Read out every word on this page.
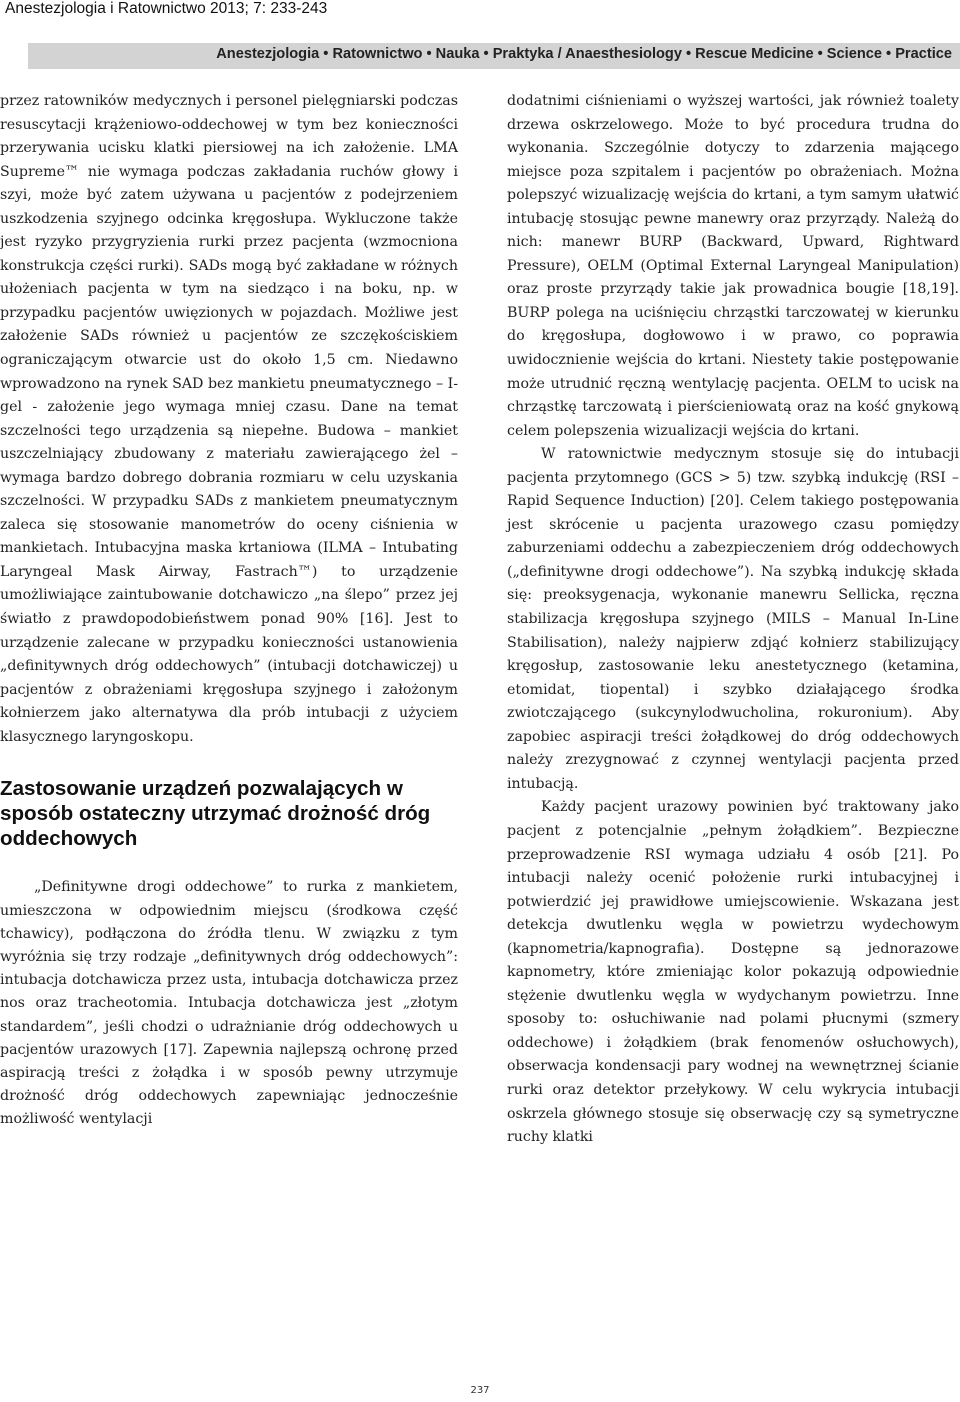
Anestezjologia i Ratownictwo 2013; 7: 233-243
Anestezjologia • Ratownictwo • Nauka • Praktyka / Anaesthesiology • Rescue Medicine • Science • Practice

przez ratowników medycznych i personel pielęgniarski podczas resuscytacji krążeniowo-oddechowej w tym bez konieczności przerywania ucisku klatki piersiowej na ich założenie. LMA Supreme™ nie wymaga podczas zakładania ruchów głowy i szyi, może być zatem używana u pacjentów z podejrzeniem uszkodzenia szyjnego odcinka kręgosłupa. Wykluczone także jest ryzyko przygryzienia rurki przez pacjenta (wzmocniona konstrukcja części rurki). SADs mogą być zakładane w różnych ułożeniach pacjenta w tym na siedząco i na boku, np. w przypadku pacjentów uwięzionych w pojazdach. Możliwe jest założenie SADs również u pacjentów ze szczękościskiem ograniczającym otwarcie ust do około 1,5 cm. Niedawno wprowadzono na rynek SAD bez mankietu pneumatycznego – I-gel - założenie jego wymaga mniej czasu. Dane na temat szczelności tego urządzenia są niepełne. Budowa – mankiet uszczelniający zbudowany z materiału zawierającego żel – wymaga bardzo dobrego dobrania rozmiaru w celu uzyskania szczelności. W przypadku SADs z mankietem pneumatycznym zaleca się stosowanie manometrów do oceny ciśnienia w mankietach. Intubacyjna maska krtaniowa (ILMA – Intubating Laryngeal Mask Airway, Fastrach™) to urządzenie umożliwiające zaintubowanie dotchawiczo „na ślepo” przez jej światło z prawdopodobieństwem ponad 90% [16]. Jest to urządzenie zalecane w przypadku konieczności ustanowienia „definitywnych dróg oddechowych” (intubacji dotchawiczej) u pacjentów z obrażeniami kręgosłupa szyjnego i założonym kołnierzem jako alternatywa dla prób intubacji z użyciem klasycznego laryngoskopu.

Zastosowanie urządzeń pozwalających w sposób ostateczny utrzymać drożność dróg oddechowych

„Definitywne drogi oddechowe” to rurka z mankietem, umieszczona w odpowiednim miejscu (środkowa część tchawicy), podłączona do źródła tlenu. W związku z tym wyróżnia się trzy rodzaje „definitywnych dróg oddechowych”: intubacja dotchawicza przez usta, intubacja dotchawicza przez nos oraz tracheotomia. Intubacja dotchawicza jest „złotym standardem”, jeśli chodzi o udrażnianie dróg oddechowych u pacjentów urazowych [17]. Zapewnia najlepszą ochronę przed aspiracją treści z żołądka i w sposób pewny utrzymuje drożność dróg oddechowych zapewniając jednocześnie możliwość wentylacji

dodatnimi ciśnieniami o wyższej wartości, jak również toalety drzewa oskrzelowego. Może to być procedura trudna do wykonania. Szczególnie dotyczy to zdarzenia mającego miejsce poza szpitalem i pacjentów po obrażeniach. Można polepszyć wizualizację wejścia do krtani, a tym samym ułatwić intubację stosując pewne manewry oraz przyrządy. Należą do nich: manewr BURP (Backward, Upward, Rightward Pressure), OELM (Optimal External Laryngeal Manipulation) oraz proste przyrządy takie jak prowadnica bougie [18,19]. BURP polega na uciśnięciu chrząstki tarczowatej w kierunku do kręgosłupa, dogłowowo i w prawo, co poprawia uwidocznienie wejścia do krtani. Niestety takie postępowanie może utrudnić ręczną wentylację pacjenta. OELM to ucisk na chrząstkę tarczowatą i pierścieniowatą oraz na kość gnykową celem polepszenia wizualizacji wejścia do krtani.

W ratownictwie medycznym stosuje się do intubacji pacjenta przytomnego (GCS > 5) tzw. szybką indukcję (RSI – Rapid Sequence Induction) [20]. Celem takiego postępowania jest skrócenie u pacjenta urazowego czasu pomiędzy zaburzeniami oddechu a zabezpieczeniem dróg oddechowych („definitywne drogi oddechowe”). Na szybką indukcję składa się: preoksygenacja, wykonanie manewru Sellicka, ręczna stabilizacja kręgosłupa szyjnego (MILS – Manual In-Line Stabilisation), należy najpierw zdjąć kołnierz stabilizujący kręgosłup, zastosowanie leku anestetycznego (ketamina, etomidat, tiopental) i szybko działającego środka zwiotczającego (sukcynylodwucholina, rokuronium). Aby zapobiec aspiracji treści żołądkowej do dróg oddechowych należy zrezygnować z czynnej wentylacji pacjenta przed intubacją.

Każdy pacjent urazowy powinien być traktowany jako pacjent z potencjalnie „pełnym żołądkiem”. Bezpieczne przeprowadzenie RSI wymaga udziału 4 osób [21]. Po intubacji należy ocenić położenie rurki intubacyjnej i potwierdzić jej prawidłowe umiejscowienie. Wskazana jest detekcja dwutlenku węgla w powietrzu wydechowym (kapnometria/kapnografia). Dostępne są jednorazowe kapnometry, które zmieniając kolor pokazują odpowiednie stężenie dwutlenku węgla w wydychanym powietrzu. Inne sposoby to: osłuchiwanie nad polami płucnymi (szmery oddechowe) i żołądkiem (brak fenomenów osłuchowych), obserwacja kondensacji pary wodnej na wewnętrznej ścianie rurki oraz detektor przełykowy. W celu wykrycia intubacji oskrzela głównego stosuje się obserwację czy są symetryczne ruchy klatki

237
